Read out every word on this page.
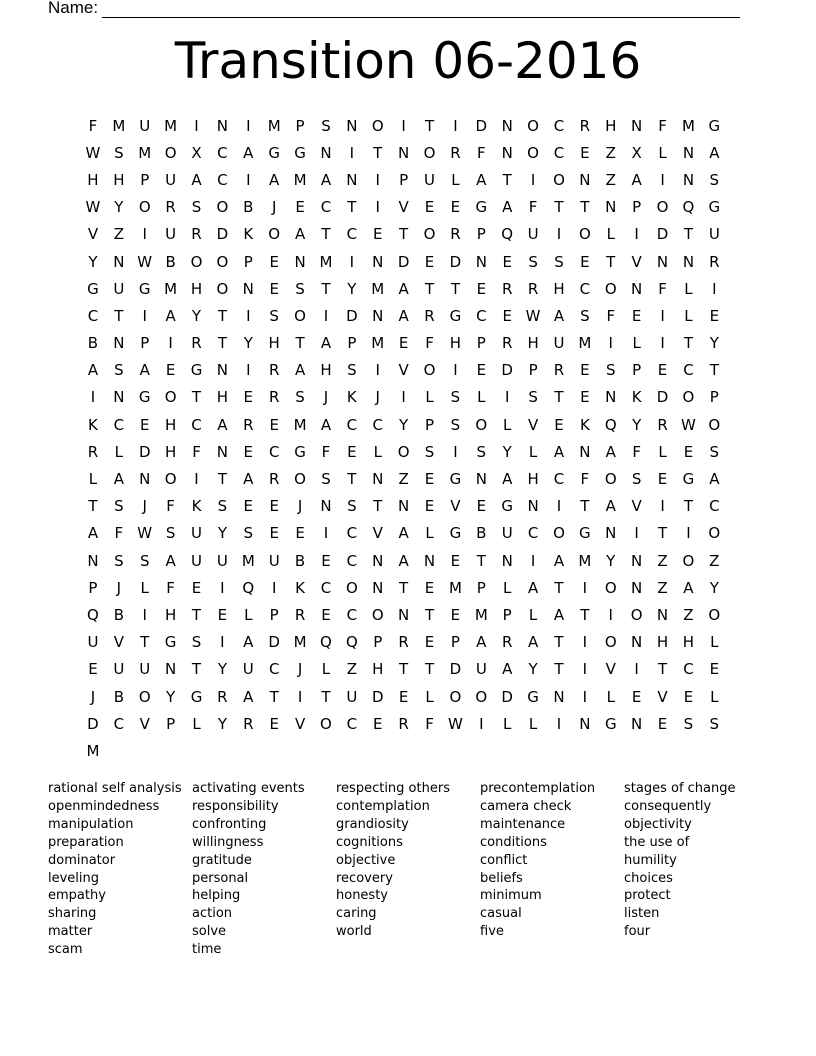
Name:
Transition 06-2016
F	M U M	I	N	I	M P	S	N O	I	T	I	D N O C	R	H N	F	M G
W S M O X	C	A G G N	I	T	N O R	F	N O C	E	Z	X	L	N	A
H H	P	U	A	C	I	A M A	N	I	P	U	L	A	T	I	O N	Z	A	I	N	S
W Y	O R	S	O B	J	E	C	T	I	V	E	E	G A	F	T	T	N	P	O Q G
V	Z	I	U	R D	K	O A	T	C	E	T	O R	P	Q U	I	O	L	I	D	T	U
Y	N W B O O	P	E	N M	I	N D	E	D N	E	S	S	E	T	V	N N	R
G U G M H O N	E	S	T	Y M A	T	T	E	R	R	H	C O N	F	L	I
C	T	I	A	Y	T	I	S	O	I	D N	A	R G C	E W A	S	F	E	I	L	E
B	N	P	I	R	T	Y	H	T	A	P M E	F	H	P	R	H U M	I	L	I	T	Y
A	S	A	E	G N	I	R	A	H	S	I	V O	I	E	D	P	R	E	S	P	E	C	T
I	N G O	T	H	E	R	S	J	K	J	I	L	S	L	I	S	T	E	N	K	D O	P
K	C	E	H	C	A	R	E M A	C	C	Y	P	S	O	L	V	E	K	Q	Y	R W O
R	L	D H	F	N	E	C G	F	E	L	O	S	I	S	Y	L	A	N	A	F	L	E	S
L	A	N O	I	T	A	R O	S	T	N	Z	E	G N	A	H	C	F	O	S	E	G A
T	S	J	F	K	S	E	E	J	N	S	T	N	E	V	E	G N	I	T	A	V	I	T	C
A	F W S	U	Y	S	E	E	I	C	V	A	L	G B	U	C O G N	I	T	I	O
N	S	S	A	U U M U	B	E	C	N	A	N	E	T	N	I	A M Y	N	Z O Z
P	J	L	F	E	I	Q	I	K	C O N	T	E M P	L	A	T	I	O N	Z	A	Y
Q B	I	H	T	E	L	P	R	E	C O N	T	E M P	L	A	T	I	O N	Z O
U	V	T	G	S	I	A D M Q Q	P	R	E	P	A	R	A	T	I	O N H H	L
E	U U N	T	Y	U	C	J	L	Z	H	T	T	D U	A	Y	T	I	V	I	T	C	E
J	B O	Y	G R	A	T	I	T	U D	E	L	O O D G N	I	L	E	V	E	L
D C	V	P	L	Y	R	E	V O C	E	R	F W	I	L	L	I	N G N	E	S	S
M
rational self analysis
openmindedness
manipulation
preparation
dominator
leveling
empathy
sharing
matter
scam
activating events
responsibility
confronting
willingness
gratitude
personal
helping
action
solve
time
respecting others
contemplation
grandiosity
cognitions
objective
recovery
honesty
caring
world
precontemplation
camera check
maintenance
conditions
conflict
beliefs
minimum
casual
five
stages of change
consequently
objectivity
the use of
humility
choices
protect
listen
four
